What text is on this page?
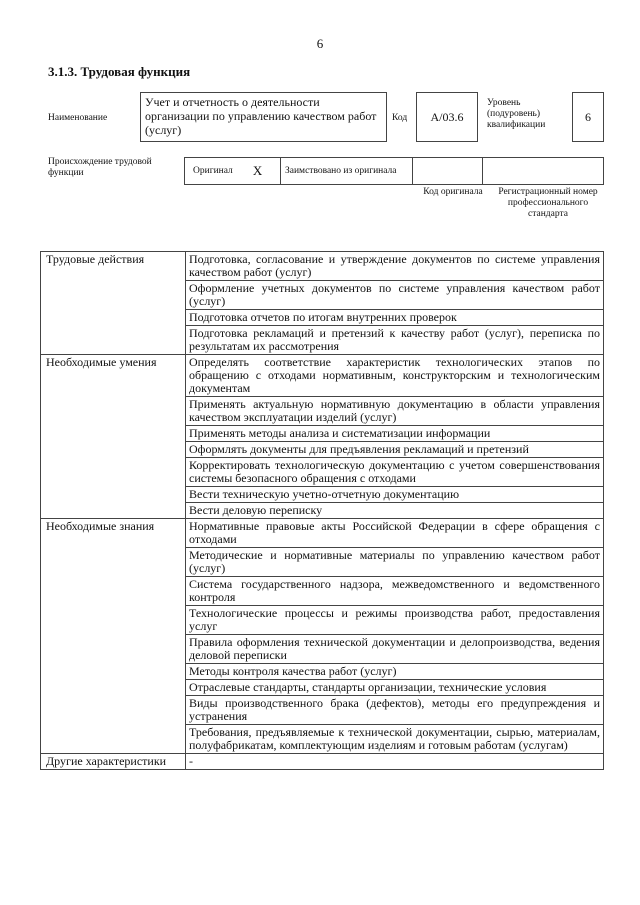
6
3.1.3. Трудовая функция
Наименование
Учет и отчетность о деятельности организации по управлению качеством работ (услуг)
Код	A/03.6
Уровень (подуровень) квалификации
6
Происхождение трудовой функции	Оригинал X	Заимствовано из оригинала
Код оригинала	Регистрационный номер профессионального стандарта
Трудовые действия	Подготовка, согласование и утверждение документов по системе управления качеством работ (услуг)
	Оформление учетных документов по системе управления качеством работ (услуг)
	Подготовка отчетов по итогам внутренних проверок
	Подготовка рекламаций и претензий к качеству работ (услуг), переписка по результатам их рассмотрения
Необходимые умения	Определять соответствие характеристик технологических этапов по обращению с отходами нормативным, конструкторским и технологическим документам
	Применять актуальную нормативную документацию в области управления качеством эксплуатации изделий (услуг)
	Применять методы анализа и систематизации информации
	Оформлять документы для предъявления рекламаций и претензий
	Корректировать технологическую документацию с учетом совершенствования системы безопасного обращения с отходами
	Вести техническую учетно-отчетную документацию
	Вести деловую переписку
Необходимые знания	Нормативные правовые акты Российской Федерации в сфере обращения с отходами
	Методические и нормативные материалы по управлению качеством работ (услуг)
	Система государственного надзора, межведомственного и ведомственного контроля
	Технологические процессы и режимы производства работ, предоставления услуг
	Правила оформления технической документации и делопроизводства, ведения деловой переписки
	Методы контроля качества работ (услуг)
	Отраслевые стандарты, стандарты организации, технические условия
	Виды производственного брака (дефектов), методы его предупреждения и устранения
	Требования, предъявляемые к технической документации, сырью, материалам, полуфабрикатам, комплектующим изделиям и готовым работам (услугам)
Другие характеристики	-
